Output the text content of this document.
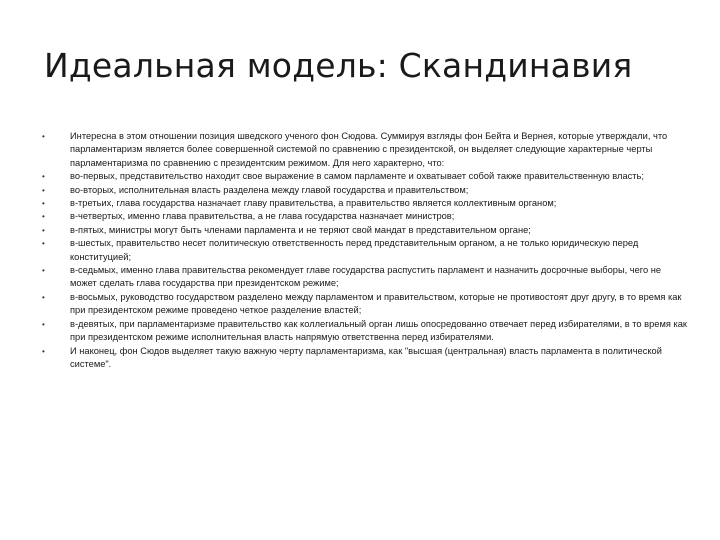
Идеальная модель: Скандинавия
•	Интересна в этом отношении позиция шведского ученого фон Сюдова. Суммируя взгляды фон Бейта и Вернея, которые утверждали, что парламентаризм является более совершенной системой по сравнению с президентской, он выделяет следующие характерные черты парламентаризма по сравнению с президентским режимом. Для него характерно, что:
•	во-первых, представительство находит свое выражение в самом парламенте и охватывает собой также правительственную власть;
•	во-вторых, исполнительная власть разделена между главой государства и правительством;
•	в-третьих, глава государства назначает главу правительства, а правительство является коллективным органом;
•	в-четвертых, именно глава правительства, а не глава государства назначает министров;
•	в-пятых, министры могут быть членами парламента и не теряют свой мандат в представительном органе;
•	в-шестых, правительство несет политическую ответственность перед представительным органом, а не только юридическую перед конституцией;
•	в-седьмых, именно глава правительства рекомендует главе государства распустить парламент и назначить досрочные выборы, чего не может сделать глава государства при президентском режиме;
•	в-восьмых, руководство государством разделено между парламентом и правительством, которые не противостоят друг другу, в то время как при президентском режиме проведено четкое разделение властей;
•	в-девятых, при парламентаризме правительство как коллегиальный орган лишь опосредованно отвечает перед избирателями, в то время как при президентском режиме исполнительная власть напрямую ответственна перед избирателями.
•	И наконец, фон Сюдов выделяет такую важную черту парламентаризма, как "высшая (центральная) власть парламента в политической системе".
